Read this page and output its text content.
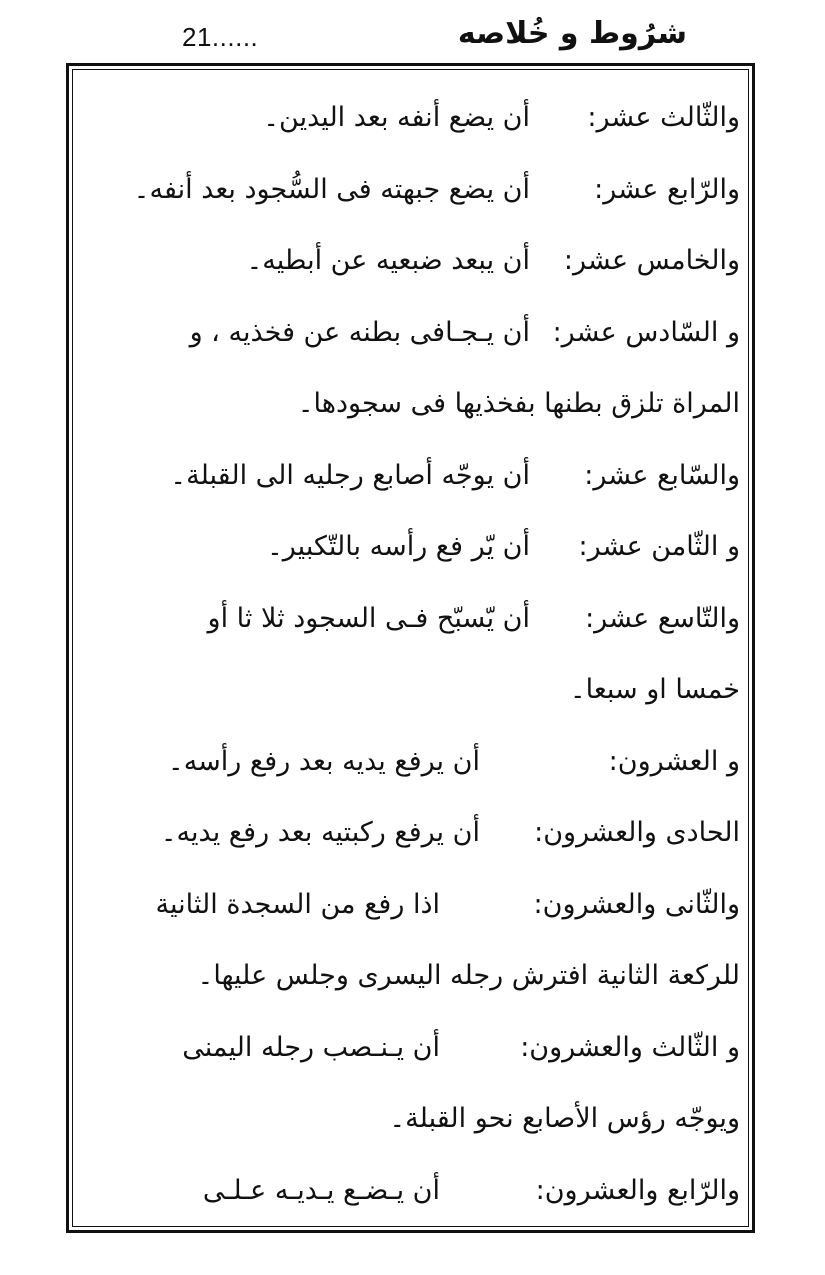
21......	شرُوط و خُلاصه
والثّالث عشر:أن يضع أنفه بعد اليدين۔
والرّابع عشر:أن يضع جبهته فى السُّجود بعد أنفه۔
والخامس عشر:أن يبعد ضبعيه عن أبطيه۔
و السّادس عشر:أن يـجـافى بطنه عن فخذيه ، و
المراة تلزق بطنها بفخذيها فى سجودها۔
والسّابع عشر:أن يوجّه أصابع رجليه الى القبلة۔
و الثّامن عشر:أن يّر فع رأسه بالتّكبير۔
والتّاسع عشر:أن يّسبّح فـى السجود ثلا ثا أو
خمسا او سبعا۔
و العشرون:أن يرفع يديه بعد رفع رأسه۔
الحادى والعشرون:أن يرفع ركبتيه بعد رفع يديه۔
والثّانى والعشرون:اذا رفع من السجدة الثانية
للركعة الثانية افترش رجله اليسرى وجلس عليها۔
و الثّالث والعشرون:أن يـنـصب رجله اليمنى
ويوجّه رؤس الأصابع نحو القبلة۔
والرّابع والعشرون:أن يـضـع يـديـه عـلـى
